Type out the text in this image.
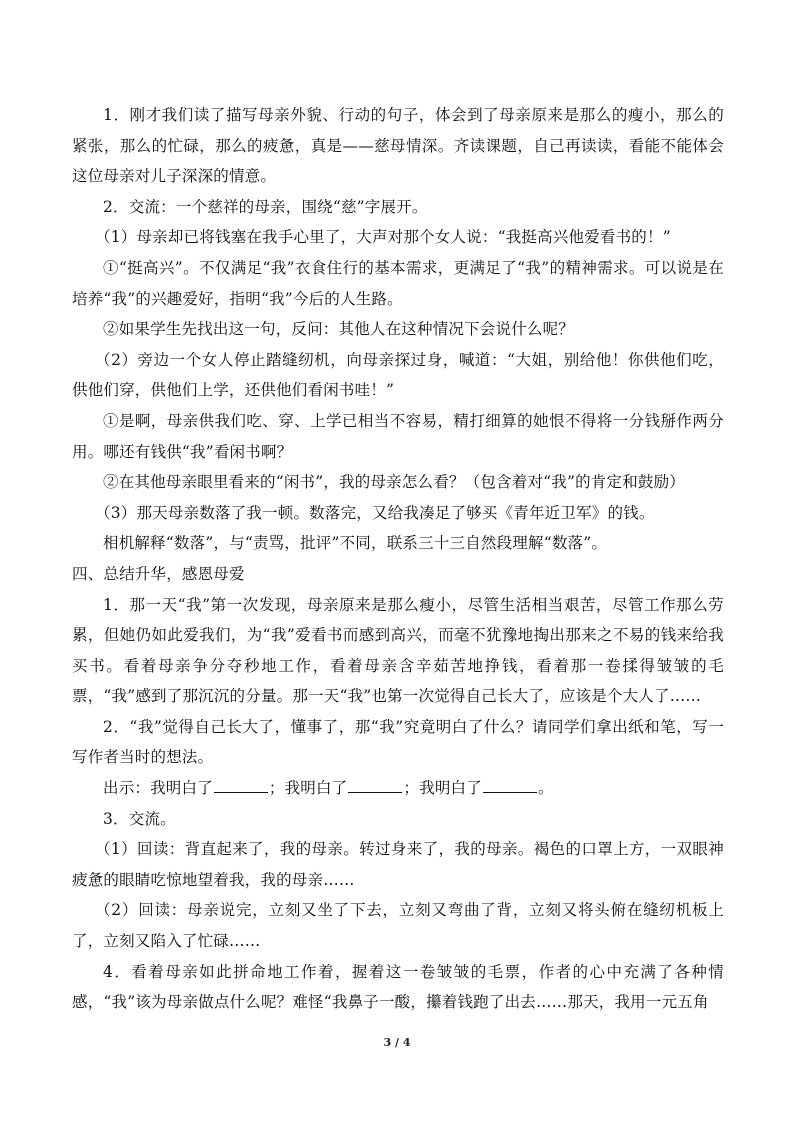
1．刚才我们读了描写母亲外貌、行动的句子，体会到了母亲原来是那么的瘦小，那么的紧张，那么的忙碌，那么的疲惫，真是——慈母情深。齐读课题，自己再读读，看能不能体会这位母亲对儿子深深的情意。

2．交流：一个慈祥的母亲，围绕“慈”字展开。

（1）母亲却已将钱塞在我手心里了，大声对那个女人说：“我挺高兴他爱看书的！”

①“挺高兴”。不仅满足“我”衣食住行的基本需求，更满足了“我”的精神需求。可以说是在培养“我”的兴趣爱好，指明“我”今后的人生路。

②如果学生先找出这一句，反问：其他人在这种情况下会说什么呢？

（2）旁边一个女人停止踏缝纫机，向母亲探过身，喊道：“大姐，别给他！你供他们吃，供他们穿，供他们上学，还供他们看闲书哇！”

①是啊，母亲供我们吃、穿、上学已相当不容易，精打细算的她恨不得将一分钱掰作两分用。哪还有钱供“我”看闲书啊？

②在其他母亲眼里看来的“闲书”，我的母亲怎么看？（包含着对“我”的肯定和鼓励）

（3）那天母亲数落了我一顿。数落完，又给我凑足了够买《青年近卫军》的钱。

相机解释“数落”，与“责骂，批评”不同，联系三十三自然段理解“数落”。

四、总结升华，感恩母爱

1．那一天“我”第一次发现，母亲原来是那么瘦小，尽管生活相当艰苦，尽管工作那么劳累，但她仍如此爱我们，为“我”爱看书而感到高兴，而毫不犹豫地掏出那来之不易的钱来给我买书。看着母亲争分夺秒地工作，看着母亲含辛茹苦地挣钱，看着那一卷揉得皱皱的毛票，“我”感到了那沉沉的分量。那一天“我”也第一次觉得自己长大了，应该是个大人了……

2．“我”觉得自己长大了，懂事了，那“我”究竟明白了什么？请同学们拿出纸和笔，写一写作者当时的想法。

出示：我明白了	；我明白了	；我明白了	。

3．交流。

（1）回读：背直起来了，我的母亲。转过身来了，我的母亲。褐色的口罩上方，一双眼神疲惫的眼睛吃惊地望着我，我的母亲……

（2）回读：母亲说完，立刻又坐了下去，立刻又弯曲了背，立刻又将头俯在缝纫机板上了，立刻又陷入了忙碌……

4．看着母亲如此拼命地工作着，握着这一卷皱皱的毛票，作者的心中充满了各种情感，“我”该为母亲做点什么呢？难怪“我鼻子一酸，攥着钱跑了出去……那天，我用一元五角

3 / 4
